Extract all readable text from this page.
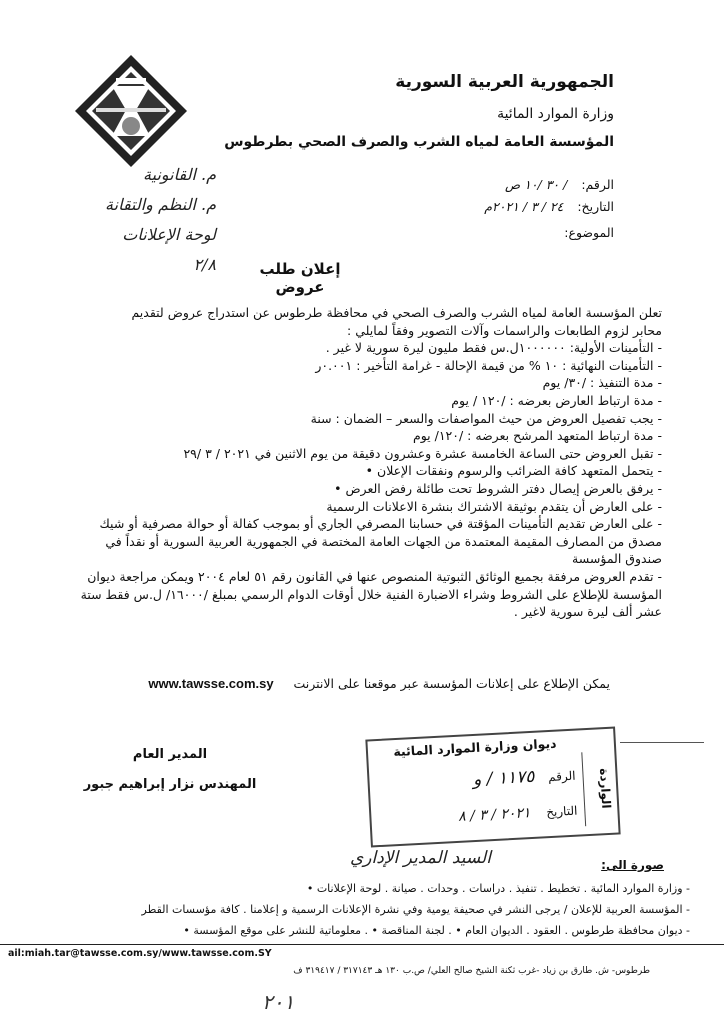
الجمهورية العربية السورية
وزارة الموارد المائية
المؤسسة العامة لمياه الشرب والصرف الصحي بطرطوس
الرقم: / ٣٠ /١٠ ص
التاريخ: ٢٤ / ٣ / ٢٠٢١م
الموضوع:
م. القانونية
م. النظم والتقانة
لوحة الإعلانات
٢/٨	إعلان طلب عروض

تعلن المؤسسة العامة لمياه الشرب والصرف الصحي في محافظة طرطوس عن استدراج عروض لتقديم

محابر لزوم الطابعات والراسمات وآلات التصوير وفقاً لمايلي :

- التأمينات الأولية: ١٠٠٠٠٠٠ل.س فقط مليون ليرة سورية لا غير .

- التأمينات النهائية : ١٠ % من قيمة الإحالة - غرامة التأخير : ٠.٠٠١ر

- مدة التنفيذ : /٣٠/ يوم

- مدة ارتباط العارض بعرضه : /١٢٠ / يوم

- يجب تفصيل العروض من حيث المواصفات والسعر – الضمان : سنة

- مدة ارتباط المتعهد المرشح بعرضه : /١٢٠/ يوم

- تقبل العروض حتى الساعة الخامسة عشرة وعشرون دقيقة من يوم الاثنين في ٢٠٢١ / ٣ /٢٩

- يتحمل المتعهد كافة الضرائب والرسوم ونفقات الإعلان •

- يرفق بالعرض إيصال دفتر الشروط تحت طائلة رفض العرض •

- على العارض أن يتقدم بوثيقة الاشتراك بنشرة الاعلانات الرسمية

- على العارض تقديم التأمينات المؤقتة في حسابنا المصرفي الجاري أو بموجب كفالة أو حوالة مصرفية أو شيك

مصدق من المصارف المقيمة المعتمدة من الجهات العامة المختصة في الجمهورية العربية السورية أو نقداً في

صندوق المؤسسة

- تقدم العروض مرفقة بجميع الوثائق الثبوتية المنصوص عنها في القانون رقم ٥١ لعام ٢٠٠٤ ويمكن مراجعة ديوان

المؤسسة للإطلاع على الشروط وشراء الاضبارة الفنية خلال أوقات الدوام الرسمي بمبلغ /١٦٠٠٠/ ل.س فقط ستة

عشر ألف ليرة سورية لاغير .

يمكن الإطلاع على إعلانات المؤسسة عبر موقعنا على الانترنت     www.tawsse.com.sy
المدير العام
المهندس نزار إبراهيم جبور
ديوان وزارة الموارد المائية
الواردة
الرقم ١١٧٥ / و
التاريخ ٢٠٢١ / ٣ / ٨
صورة الى:
السيد المدير الإداري

- وزارة الموارد المائية . تخطيط . تنفيذ . دراسات . وحدات . صيانة . لوحة الإعلانات •

- المؤسسة العربية للإعلان / يرجى النشر في صحيفة يومية وفي نشرة الإعلانات الرسمية و إعلامنا . كافة مؤسسات القطر

- ديوان محافظة طرطوس . العقود . الديوان العام • . لجنة المناقصة • . معلوماتية للنشر على موقع المؤسسة •

ail:miah.tar@tawsse.com.sy/www.tawsse.com.SY
طرطوس- ش. طارق بن زياد -غرب ثكنة الشيخ صالح العلي/ ص.ب ١٣٠ هـ ٣١٧١٤٣ / ٣١٩٤١٧ ف
٢٠١
